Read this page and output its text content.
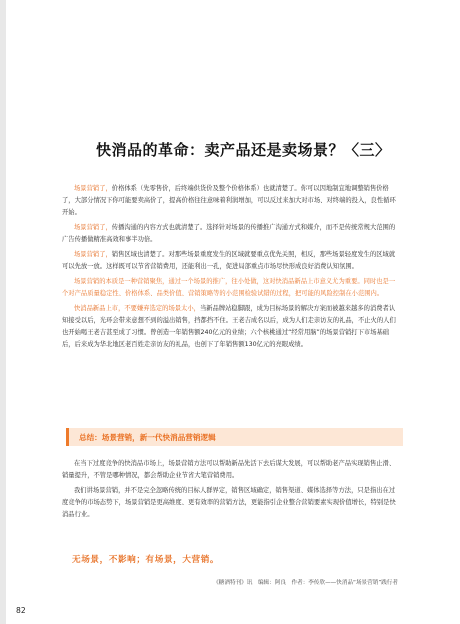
快消品的革命：卖产品还是卖场景？〈三〉

场景营销了，价格体系（先零售价，后终端供货价及整个价格体系）也就清楚了。你可以因地制宜地调整销售价格了，大部分情况下你可能要卖高价了，提高价格往往意味着利润增加，可以反过来加大对市场、对终端的投入，良性循环开始。

场景营销了，传播沟通的内容方式也就清楚了。选择针对场景的传播推广沟通方式和媒介，而不是传统常规大范围的广告传播做精准高效和事半功倍。

场景营销了，销售区域也清楚了。对那些场景重度发生的区域就要重点优先关照，相反，那些场景轻度发生的区域就可以先放一放。这样既可以节省营销费用，还能利出一孔，促进局部重点市场尽快形成良好消费认知氛围。

场景营销的本质是一种营销聚焦，通过一个场景的推广，往小处做，这对快消品新品上市意义尤为重要。同时也是一个对产品质量稳定性、价格体系、品类价值、营销策略等的小范围检验试错的过程，把可能的风险控制在小范围内。

快消品新品上市，不要嫌弃选定的场景太小，当新品牌站稳脚跟，成为目标场景的解决方案而被越来越多的消费者认知接受以后，光环会带来意想不到的溢出销售，挡都挡不住。王老吉成名以后，成为人们走亲访友的礼品，不止火的人们也开始喝王老吉甚至成了习惯。曾创造一年销售额240亿元的业绩；六个核桃通过“经常用脑”的场景营销打下市场基础后，后来成为华北地区老百姓走亲访友的礼品，也创下了年销售额130亿元的亮眼成绩。

总结：场景营销，新一代快消品营销逻辑

在当下过度竞争的快消品市场上，场景营销方法可以帮助新品先活下去后谋大发展，可以帮助老产品实现销售止滑、销量提升，不管是哪种情况，都会帮助企业节省大笔营销费用。

我们讲场景营销，并不是完全忽略传统的目标人群界定，销售区域确定，销售渠道、媒体选择等方法，只是指出在过度竞争的市场态势下，场景营销是更高维度、更有效率的营销方法，更能指引企业整合营销要素实现价值增长，特别是快消品行业。

无场景，不影响；有场景，大营销。
《糖酒特刊》讯　编辑：阿良　作者：李传欣——快消品“场景营销”践行者
82
